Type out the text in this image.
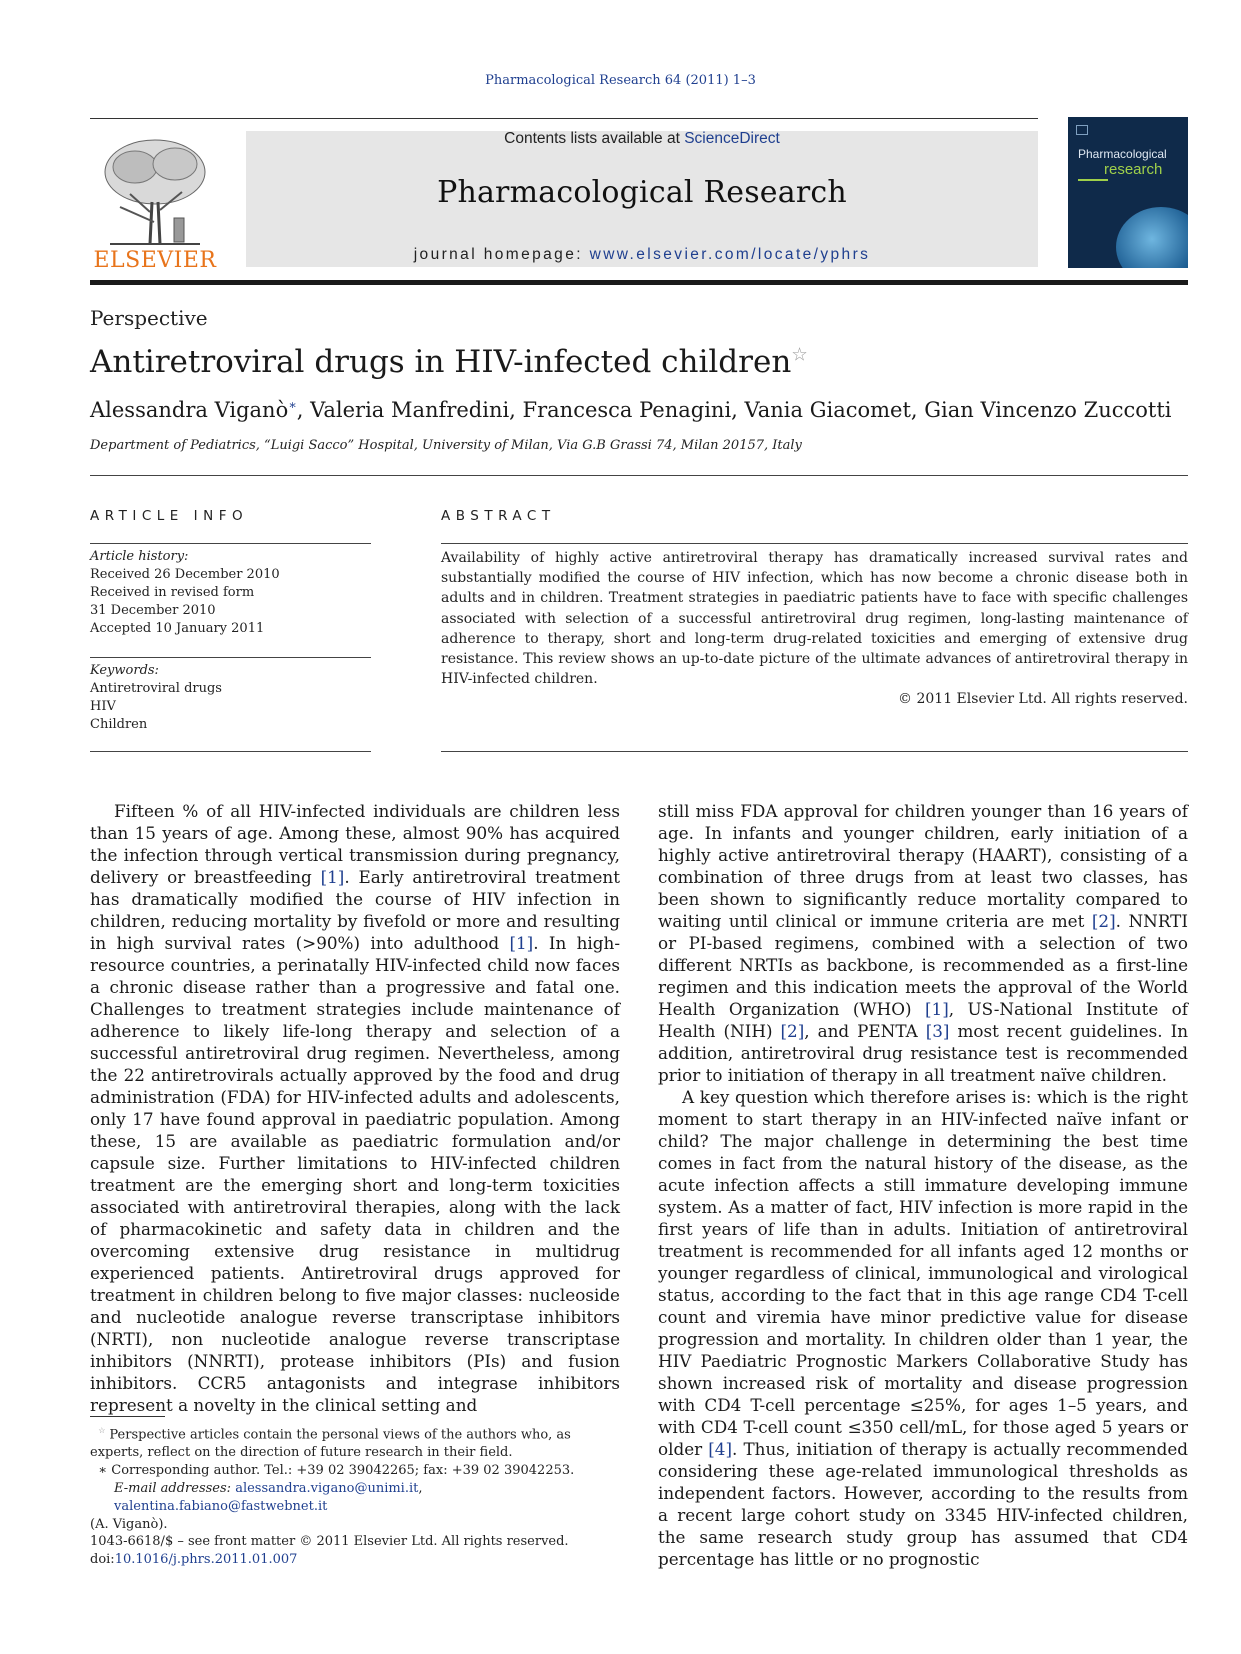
Pharmacological Research 64 (2011) 1–3
ELSEVIER
Contents lists available at ScienceDirect
Pharmacological Research
journal homepage: www.elsevier.com/locate/yphrs
Pharmacological
research
Perspective
Antiretroviral drugs in HIV-infected children☆
Alessandra Viganò∗, Valeria Manfredini, Francesca Penagini, Vania Giacomet, Gian Vincenzo Zuccotti
Department of Pediatrics, “Luigi Sacco” Hospital, University of Milan, Via G.B Grassi 74, Milan 20157, Italy
ARTICLE INFO	ABSTRACT
Article history:
Received 26 December 2010
Received in revised form
31 December 2010
Accepted 10 January 2011
Keywords:
Antiretroviral drugs
HIV
Children
Availability of highly active antiretroviral therapy has dramatically increased survival rates and substantially modified the course of HIV infection, which has now become a chronic disease both in adults and in children. Treatment strategies in paediatric patients have to face with specific challenges associated with selection of a successful antiretroviral drug regimen, long-lasting maintenance of adherence to therapy, short and long-term drug-related toxicities and emerging of extensive drug resistance. This review shows an up-to-date picture of the ultimate advances of antiretroviral therapy in HIV-infected children.
© 2011 Elsevier Ltd. All rights reserved.

Fifteen % of all HIV-infected individuals are children less than 15 years of age. Among these, almost 90% has acquired the infection through vertical transmission during pregnancy, delivery or breastfeeding [1]. Early antiretroviral treatment has dramatically modified the course of HIV infection in children, reducing mortality by fivefold or more and resulting in high survival rates (>90%) into adulthood [1]. In high-resource countries, a perinatally HIV-infected child now faces a chronic disease rather than a progressive and fatal one. Challenges to treatment strategies include maintenance of adherence to likely life-long therapy and selection of a successful antiretroviral drug regimen. Nevertheless, among the 22 antiretrovirals actually approved by the food and drug administration (FDA) for HIV-infected adults and adolescents, only 17 have found approval in paediatric population. Among these, 15 are available as paediatric formulation and/or capsule size. Further limitations to HIV-infected children treatment are the emerging short and long-term toxicities associated with antiretroviral therapies, along with the lack of pharmacokinetic and safety data in children and the overcoming extensive drug resistance in multidrug experienced patients. Antiretroviral drugs approved for treatment in children belong to five major classes: nucleoside and nucleotide analogue reverse transcriptase inhibitors (NRTI), non nucleotide analogue reverse transcriptase inhibitors (NNRTI), protease inhibitors (PIs) and fusion inhibitors. CCR5 antagonists and integrase inhibitors represent a novelty in the clinical setting and

still miss FDA approval for children younger than 16 years of age. In infants and younger children, early initiation of a highly active antiretroviral therapy (HAART), consisting of a combination of three drugs from at least two classes, has been shown to significantly reduce mortality compared to waiting until clinical or immune criteria are met [2]. NNRTI or PI-based regimens, combined with a selection of two different NRTIs as backbone, is recommended as a first-line regimen and this indication meets the approval of the World Health Organization (WHO) [1], US-National Institute of Health (NIH) [2], and PENTA [3] most recent guidelines. In addition, antiretroviral drug resistance test is recommended prior to initiation of therapy in all treatment naïve children.

A key question which therefore arises is: which is the right moment to start therapy in an HIV-infected naïve infant or child? The major challenge in determining the best time comes in fact from the natural history of the disease, as the acute infection affects a still immature developing immune system. As a matter of fact, HIV infection is more rapid in the first years of life than in adults. Initiation of antiretroviral treatment is recommended for all infants aged 12 months or younger regardless of clinical, immunological and virological status, according to the fact that in this age range CD4 T-cell count and viremia have minor predictive value for disease progression and mortality. In children older than 1 year, the HIV Paediatric Prognostic Markers Collaborative Study has shown increased risk of mortality and disease progression with CD4 T-cell percentage ≤25%, for ages 1–5 years, and with CD4 T-cell count ≤350 cell/mL, for those aged 5 years or older [4]. Thus, initiation of therapy is actually recommended considering these age-related immunological thresholds as independent factors. However, according to the results from a recent large cohort study on 3345 HIV-infected children, the same research study group has assumed that CD4 percentage has little or no prognostic

☆ Perspective articles contain the personal views of the authors who, as experts, reflect on the direction of future research in their field.
∗ Corresponding author. Tel.: +39 02 39042265; fax: +39 02 39042253.
E-mail addresses: alessandra.vigano@unimi.it, valentina.fabiano@fastwebnet.it
(A. Viganò).
1043-6618/$ – see front matter © 2011 Elsevier Ltd. All rights reserved.
doi:10.1016/j.phrs.2011.01.007
